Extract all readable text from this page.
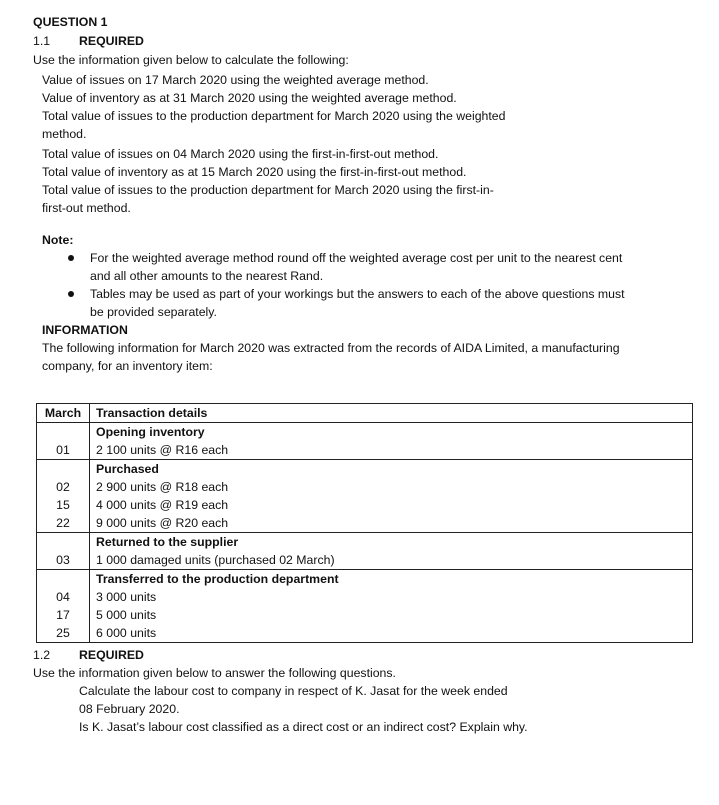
QUESTION 1
1.1 REQUIRED
Use the information given below to calculate the following:
Value of issues on 17 March 2020 using the weighted average method.
Value of inventory as at 31 March 2020 using the weighted average method.
Total value of issues to the production department for March 2020 using the weighted
method.
Total value of issues on 04 March 2020 using the first-in-first-out method.
Total value of inventory as at 15 March 2020 using the first-in-first-out method.
Total value of issues to the production department for March 2020 using the first-in-
first-out method.
Note:
For the weighted average method round off the weighted average cost per unit to the nearest cent
and all other amounts to the nearest Rand.
Tables may be used as part of your workings but the answers to each of the above questions must
be provided separately.
INFORMATION
The following information for March 2020 was extracted from the records of AIDA Limited, a manufacturing
company, for an inventory item:
March	Transaction details
	Opening inventory
01	2 100 units @ R16 each
	Purchased
02	2 900 units @ R18 each
15	4 000 units @ R19 each
22	9 000 units @ R20 each
	Returned to the supplier
03	1 000 damaged units (purchased 02 March)
	Transferred to the production department
04	3 000 units
17	5 000 units
25	6 000 units
1.2 REQUIRED
Use the information given below to answer the following questions.
Calculate the labour cost to company in respect of K. Jasat for the week ended
08 February 2020.
Is K. Jasat’s labour cost classified as a direct cost or an indirect cost? Explain why.
